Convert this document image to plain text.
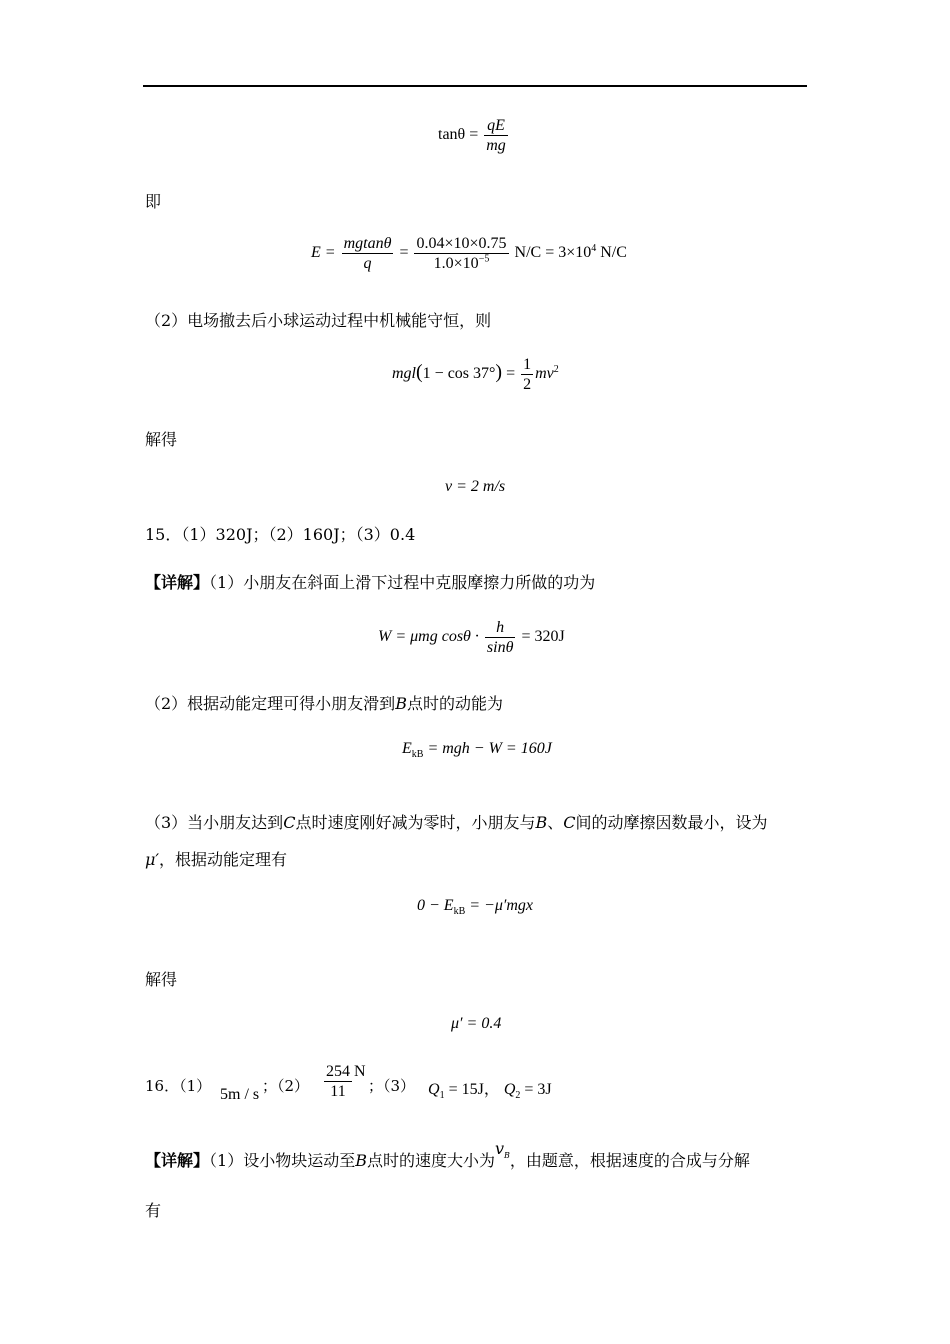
$\tan\theta = \frac{qE}{mg}$
即
$E = \frac{mgtan\theta}{q} = \frac{0.04\times 10\times 0.75}{1.0\times 10^{-5}} N/C = 3\times 10^4$ N/C
（2）电场撤去后小球运动过程中机械能守恒，则
$mgl(1 - \cos 37^\circ) = \frac{1}{2} mv^2$
解得
v = 2 m/s
15．（1）320J；（2）160J；（3）0.4
【详解】（1）小朋友在斜面上滑下过程中克服摩擦力所做的功为
W = μmg $\cos\theta \cdot \frac{h}{\sin\theta} = 320J$
（2）根据动能定理可得小朋友滑到B点时的动能为
$E_{kB}$ = mgh − W = 160J
（3）当小朋友达到C点时速度刚好减为零时，小朋友与B、C间的动摩擦因数最小，设为
μ′，根据动能定理有
$0 - E_{kB} = -\mu'mgx$
解得
μ′ = 0.4
16．（1） 5m / s ；$(2) \frac{254}{11}$ N
；（3） $Q_1 = 15J$， $Q_2 = 3J$
【详解】（1）设小物块运动至B点时的速度大小为$v_B$，由题意，根据速度的合成与分解
有
